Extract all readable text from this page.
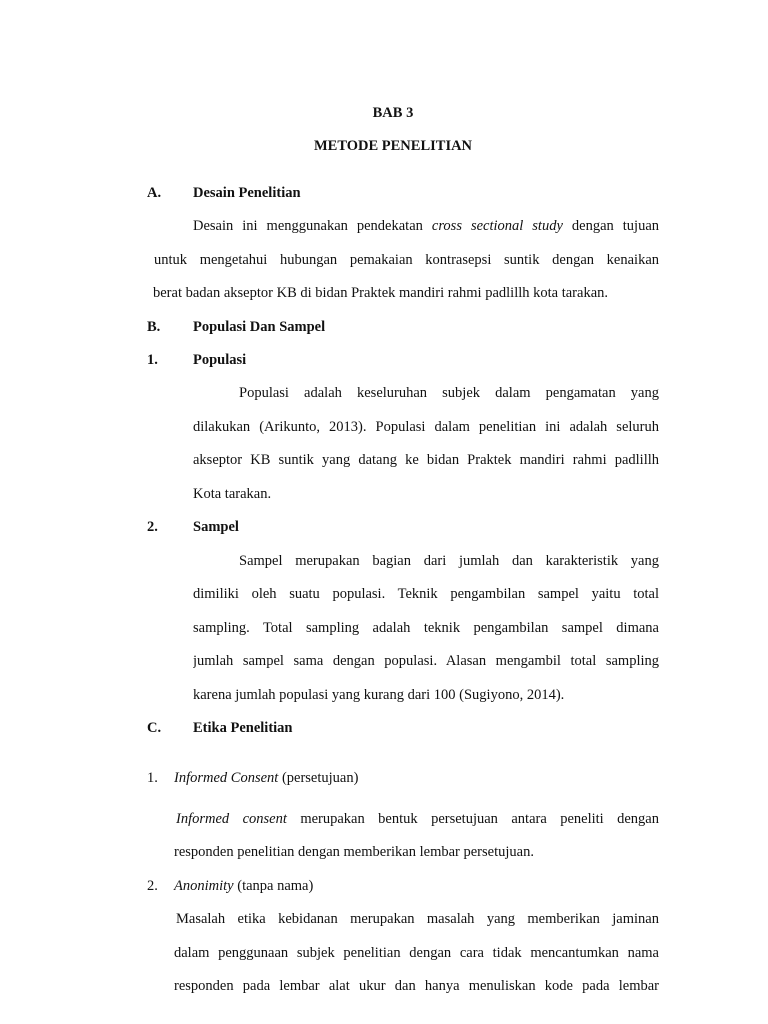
BAB 3
METODE PENELITIAN
A. Desain Penelitian
Desain ini menggunakan pendekatan cross sectional study dengan tujuan
untuk mengetahui hubungan pemakaian kontrasepsi suntik dengan kenaikan
berat badan akseptor KB di bidan Praktek mandiri rahmi padlillh kota tarakan.
B. Populasi Dan Sampel
1. Populasi
Populasi adalah keseluruhan subjek dalam pengamatan yang
dilakukan (Arikunto, 2013). Populasi dalam penelitian ini adalah seluruh
akseptor KB suntik yang datang ke bidan Praktek mandiri rahmi padlillh
Kota tarakan.
2. Sampel
Sampel merupakan bagian dari jumlah dan karakteristik yang
dimiliki oleh suatu populasi. Teknik pengambilan sampel yaitu total
sampling. Total sampling adalah teknik pengambilan sampel dimana
jumlah sampel sama dengan populasi. Alasan mengambil total sampling
karena jumlah populasi yang kurang dari 100 (Sugiyono, 2014).
C. Etika Penelitian
1. Informed Consent (persetujuan)
Informed consent merupakan bentuk persetujuan antara peneliti dengan
responden penelitian dengan memberikan lembar persetujuan.
2. Anonimity (tanpa nama)
Masalah etika kebidanan merupakan masalah yang memberikan jaminan
dalam penggunaan subjek penelitian dengan cara tidak mencantumkan nama
responden pada lembar alat ukur dan hanya menuliskan kode pada lembar
